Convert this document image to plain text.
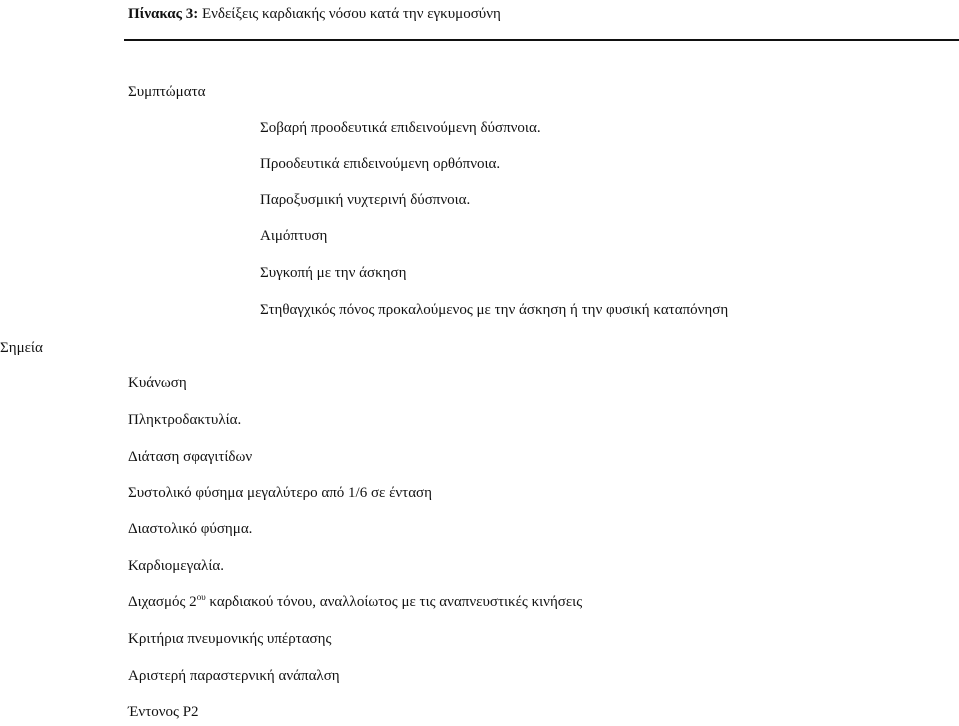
Πίνακας 3: Ενδείξεις καρδιακής νόσου κατά την εγκυμοσύνη
Συμπτώματα
Σοβαρή προοδευτικά επιδεινούμενη δύσπνοια.
Προοδευτικά επιδεινούμενη ορθόπνοια.
Παροξυσμική νυχτερινή δύσπνοια.
Αιμόπτυση
Συγκοπή με την άσκηση
Στηθαγχικός πόνος προκαλούμενος με την άσκηση ή την φυσική καταπόνηση
Σημεία
Κυάνωση
Πληκτροδακτυλία.
Διάταση σφαγιτίδων
Συστολικό φύσημα μεγαλύτερο από 1/6 σε ένταση
Διαστολικό φύσημα.
Καρδιομεγαλία.
Διχασμός $2^{o\upsilon}$ καρδιακού τόνου, αναλλοίωτος με τις αναπνευστικές κινήσεις
Κριτήρια πνευμονικής υπέρτασης
Αριστερή παραστερνική ανάπαλση
Έντονος P2
